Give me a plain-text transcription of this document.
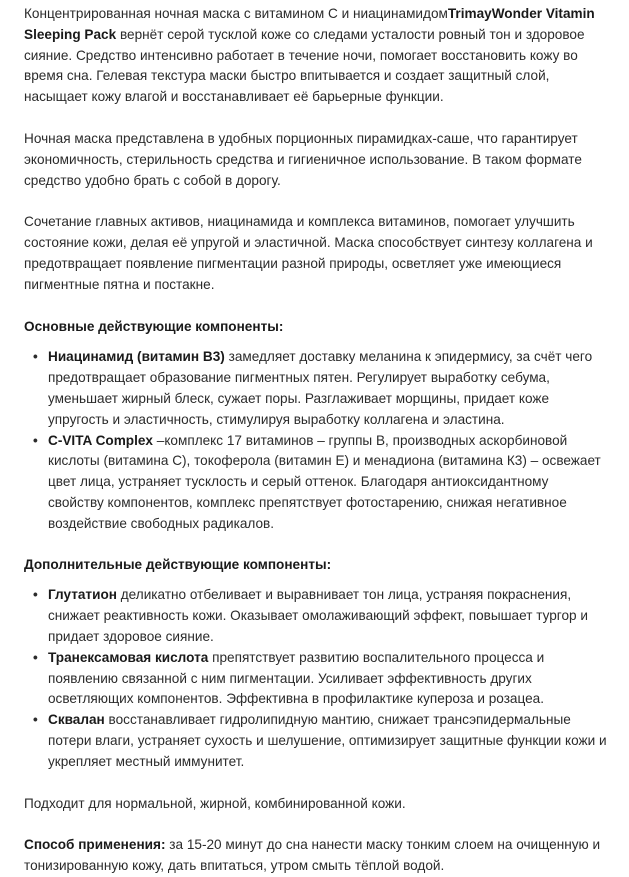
Концентрированная ночная маска с витамином С и ниацинамидомTrimayWonder Vitamin Sleeping Pack вернёт серой тусклой коже со следами усталости ровный тон и здоровое сияние. Средство интенсивно работает в течение ночи, помогает восстановить кожу во время сна. Гелевая текстура маски быстро впитывается и создает защитный слой, насыщает кожу влагой и восстанавливает её барьерные функции.

Ночная маска представлена в удобных порционных пирамидках-саше, что гарантирует экономичность, стерильность средства и гигиеничное использование. В таком формате средство удобно брать с собой в дорогу.

Сочетание главных активов, ниацинамида и комплекса витаминов, помогает улучшить состояние кожи, делая её упругой и эластичной. Маска способствует синтезу коллагена и предотвращает появление пигментации разной природы, осветляет уже имеющиеся пигментные пятна и постакне.

Основные действующие компоненты:

• Ниацинамид (витамин B3) замедляет доставку меланина к эпидермису, за счёт чего предотвращает образование пигментных пятен. Регулирует выработку себума, уменьшает жирный блеск, сужает поры. Разглаживает морщины, придает коже упругость и эластичность, стимулируя выработку коллагена и эластина.
• C-VITA Complex –комплекс 17 витаминов – группы В, производных аскорбиновой кислоты (витамина С), токоферола (витамин Е) и менадиона (витамина К3) – освежает цвет лица, устраняет тусклость и серый оттенок. Благодаря антиоксидантному свойству компонентов, комплекс препятствует фотостарению, снижая негативное воздействие свободных радикалов.

Дополнительные действующие компоненты:

• Глутатион деликатно отбеливает и выравнивает тон лица, устраняя покраснения, снижает реактивность кожи. Оказывает омолаживающий эффект, повышает тургор и придает здоровое сияние.
• Транексамовая кислота препятствует развитию воспалительного процесса и появлению связанной с ним пигментации. Усиливает эффективность других осветляющих компонентов. Эффективна в профилактике купероза и розацеа.
• Сквалан восстанавливает гидролипидную мантию, снижает трансэпидермальные потери влаги, устраняет сухость и шелушение, оптимизирует защитные функции кожи и укрепляет местный иммунитет.

Подходит для нормальной, жирной, комбинированной кожи.

Способ применения: за 15-20 минут до сна нанести маску тонким слоем на очищенную и тонизированную кожу, дать впитаться, утром смыть тёплой водой.
